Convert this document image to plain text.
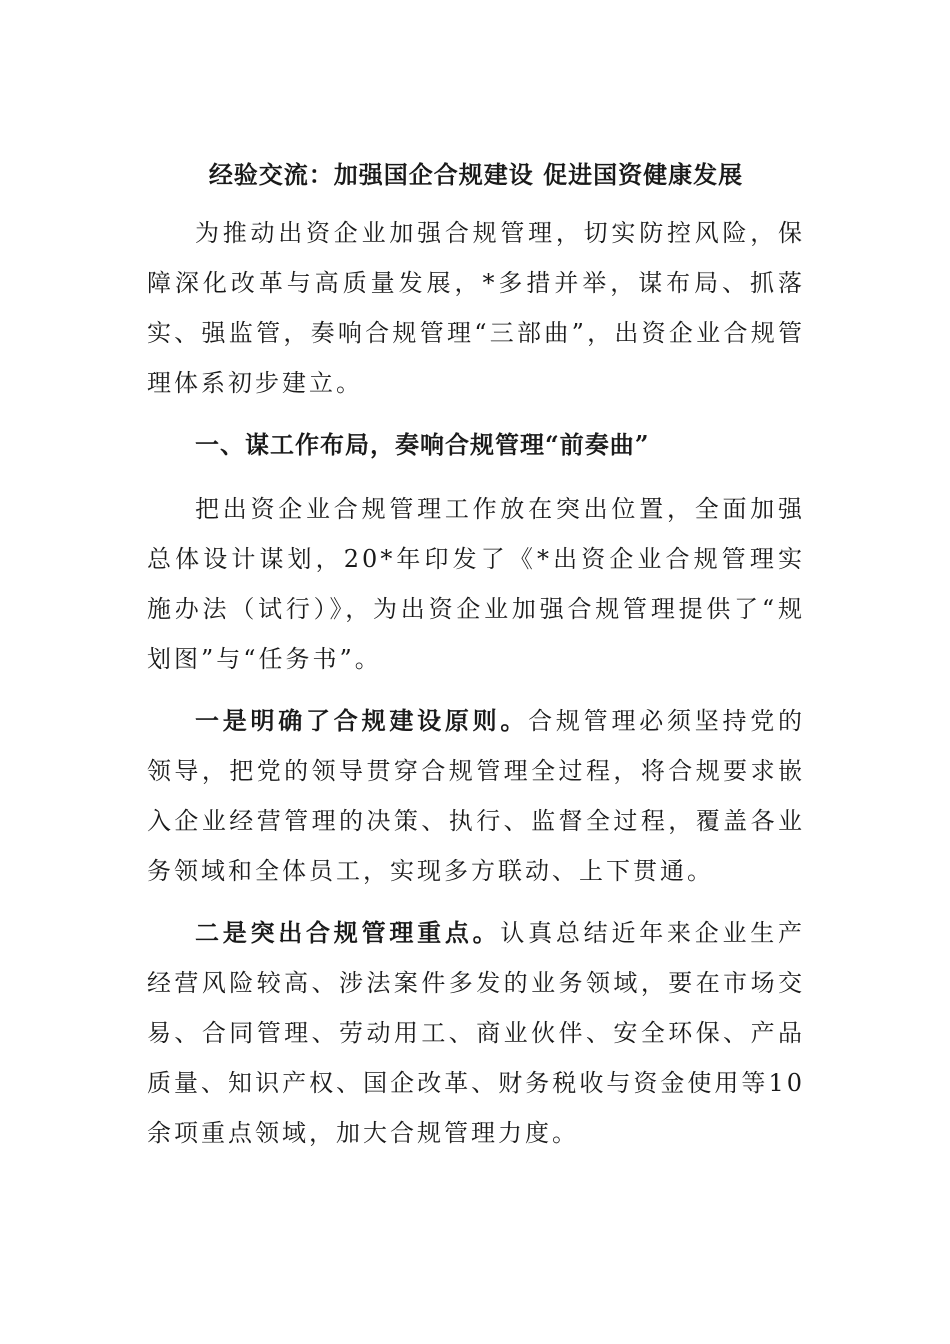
经验交流：加强国企合规建设 促进国资健康发展

为推动出资企业加强合规管理，切实防控风险，保障深化改革与高质量发展，*多措并举，谋布局、抓落实、强监管，奏响合规管理“三部曲”，出资企业合规管理体系初步建立。

一、谋工作布局，奏响合规管理“前奏曲”

把出资企业合规管理工作放在突出位置，全面加强总体设计谋划，20*年印发了《*出资企业合规管理实施办法（试行）》，为出资企业加强合规管理提供了“规划图”与“任务书”。

一是明确了合规建设原则。合规管理必须坚持党的领导，把党的领导贯穿合规管理全过程，将合规要求嵌入企业经营管理的决策、执行、监督全过程，覆盖各业务领域和全体员工，实现多方联动、上下贯通。

二是突出合规管理重点。认真总结近年来企业生产经营风险较高、涉法案件多发的业务领域，要在市场交易、合同管理、劳动用工、商业伙伴、安全环保、产品质量、知识产权、国企改革、财务税收与资金使用等10余项重点领域，加大合规管理力度。
